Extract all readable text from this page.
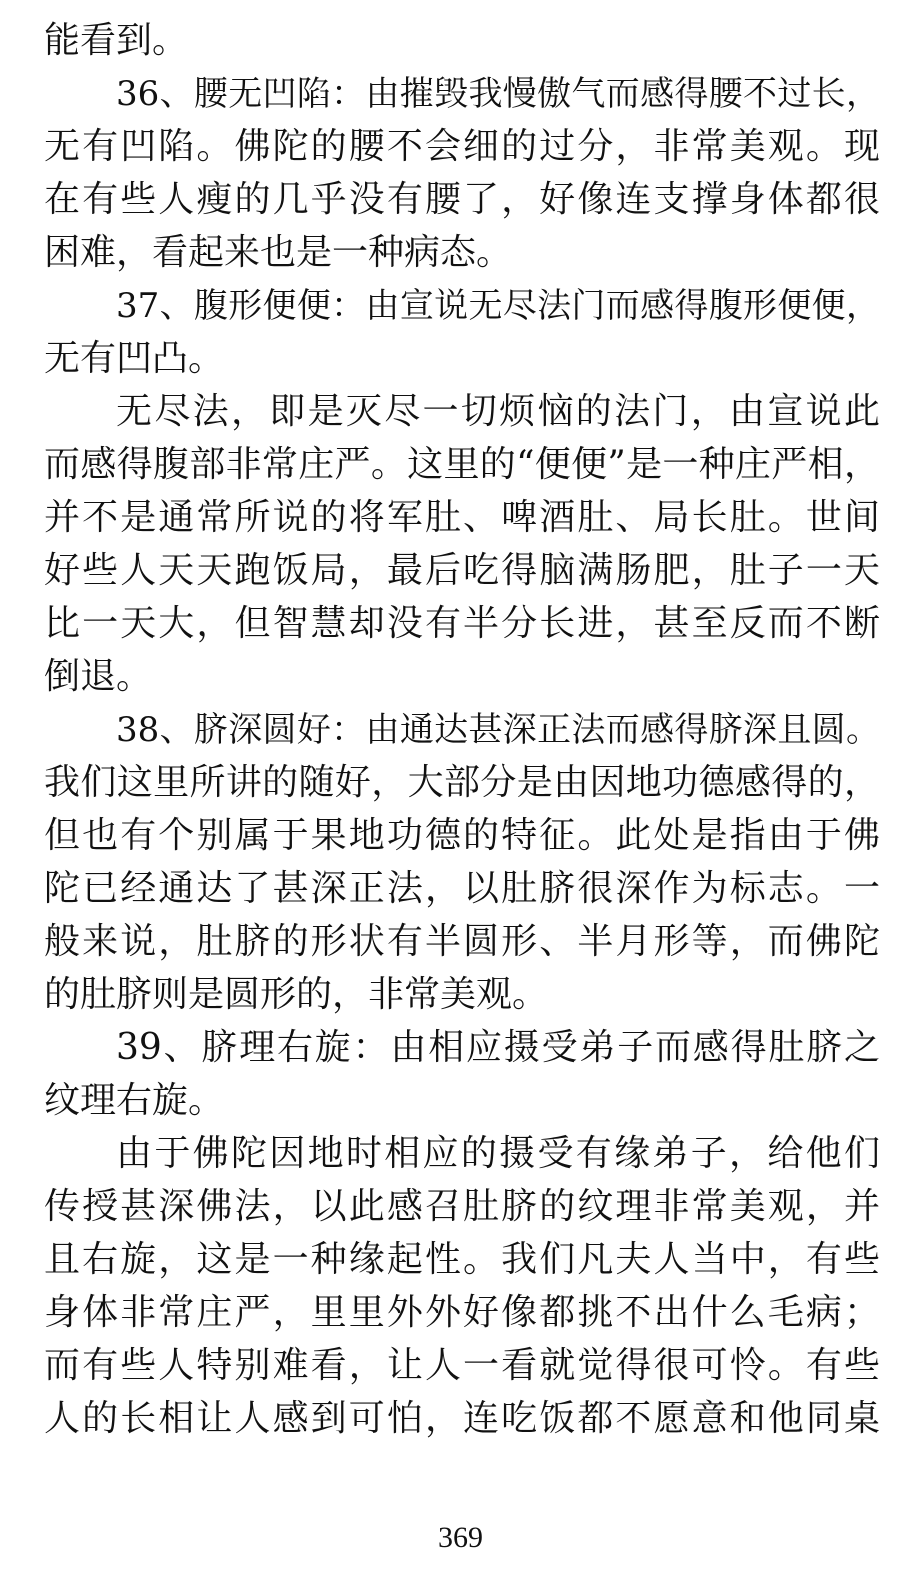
能看到。
36、腰无凹陷：由摧毁我慢傲气而感得腰不过长，
无有凹陷。佛陀的腰不会细的过分，非常美观。现
在有些人瘦的几乎没有腰了，好像连支撑身体都很
困难，看起来也是一种病态。
37、腹形便便：由宣说无尽法门而感得腹形便便，
无有凹凸。
无尽法，即是灭尽一切烦恼的法门，由宣说此
而感得腹部非常庄严。这里的“便便”是一种庄严相，
并不是通常所说的将军肚、啤酒肚、局长肚。世间
好些人天天跑饭局，最后吃得脑满肠肥，肚子一天
比一天大，但智慧却没有半分长进，甚至反而不断
倒退。
38、脐深圆好：由通达甚深正法而感得脐深且圆。
我们这里所讲的随好，大部分是由因地功德感得的，
但也有个别属于果地功德的特征。此处是指由于佛
陀已经通达了甚深正法，以肚脐很深作为标志。一
般来说，肚脐的形状有半圆形、半月形等，而佛陀
的肚脐则是圆形的，非常美观。
39、脐理右旋：由相应摄受弟子而感得肚脐之
纹理右旋。
由于佛陀因地时相应的摄受有缘弟子，给他们
传授甚深佛法，以此感召肚脐的纹理非常美观，并
且右旋，这是一种缘起性。我们凡夫人当中，有些
身体非常庄严，里里外外好像都挑不出什么毛病；
而有些人特别难看，让人一看就觉得很可怜。有些
人的长相让人感到可怕，连吃饭都不愿意和他同桌
369
